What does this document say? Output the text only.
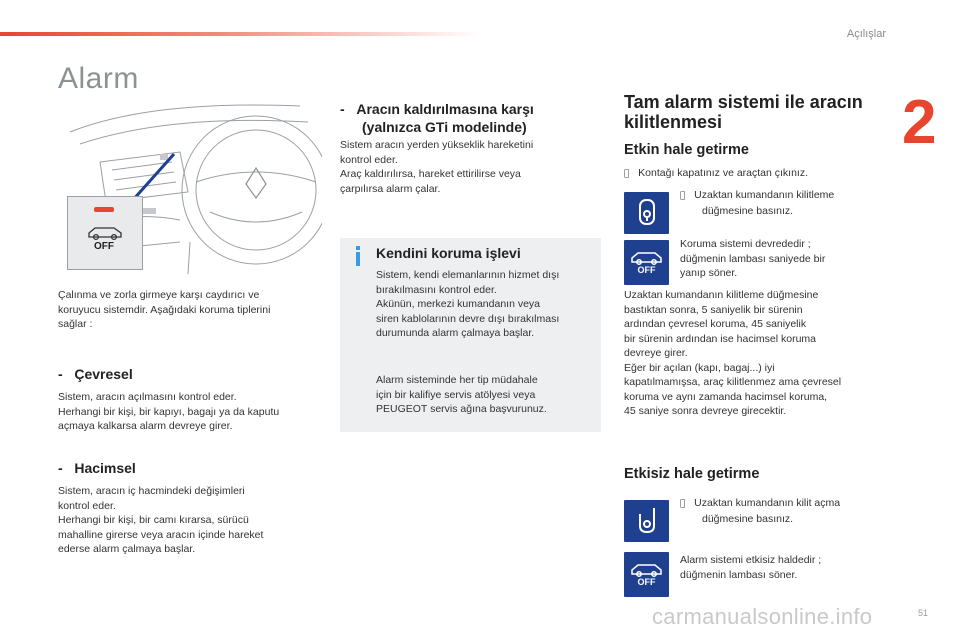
Açılışlar
2
Alarm
OFF

Çalınma ve zorla girmeye karşı caydırıcı ve

koruyucu sistemdir. Aşağıdaki koruma tiplerini

sağlar :

- Çevresel

Sistem, aracın açılmasını kontrol eder.

Herhangi bir kişi, bir kapıyı, bagajı ya da kaputu

açmaya kalkarsa alarm devreye girer.

- Hacimsel

Sistem, aracın iç hacmindeki değişimleri

kontrol eder.

Herhangi bir kişi, bir camı kırarsa, sürücü

mahalline girerse veya aracın içinde hareket

ederse alarm çalmaya başlar.

- Aracın kaldırılmasına karşı
(yalnızca GTi modelinde)

Sistem aracın yerden yükseklik hareketini

kontrol eder.

Araç kaldırılırsa, hareket ettirilirse veya

çarpılırsa alarm çalar.

Kendini koruma işlevi

Sistem, kendi elemanlarının hizmet dışı

bırakılmasını kontrol eder.

Akünün, merkezi kumandanın veya

siren kablolarının devre dışı bırakılması

durumunda alarm çalmaya başlar.

Alarm sisteminde her tip müdahale

için bir kalifiye servis atölyesi veya

PEUGEOT servis ağına başvurunuz.

Tam alarm sistemi ile aracın

kilitlenmesi

Etkin hale getirme
Kontağı kapatınız ve araçtan çıkınız.
Uzaktan kumandanın kilitleme
düğmesine basınız.
OFF

Koruma sistemi devrededir ;

düğmenin lambası saniyede bir

yanıp söner.

Uzaktan kumandanın kilitleme düğmesine

bastıktan sonra, 5 saniyelik bir sürenin

ardından çevresel koruma, 45 saniyelik

bir sürenin ardından ise hacimsel koruma

devreye girer.

Eğer bir açılan (kapı, bagaj...) iyi

kapatılmamışsa, araç kilitlenmez ama çevresel

koruma ve aynı zamanda hacimsel koruma,

45 saniye sonra devreye girecektir.

Etkisiz hale getirme
Uzaktan kumandanın kilit açma
düğmesine basınız.
OFF

Alarm sistemi etkisiz haldedir ;

düğmenin lambası söner.

carmanualsonline.info	51
